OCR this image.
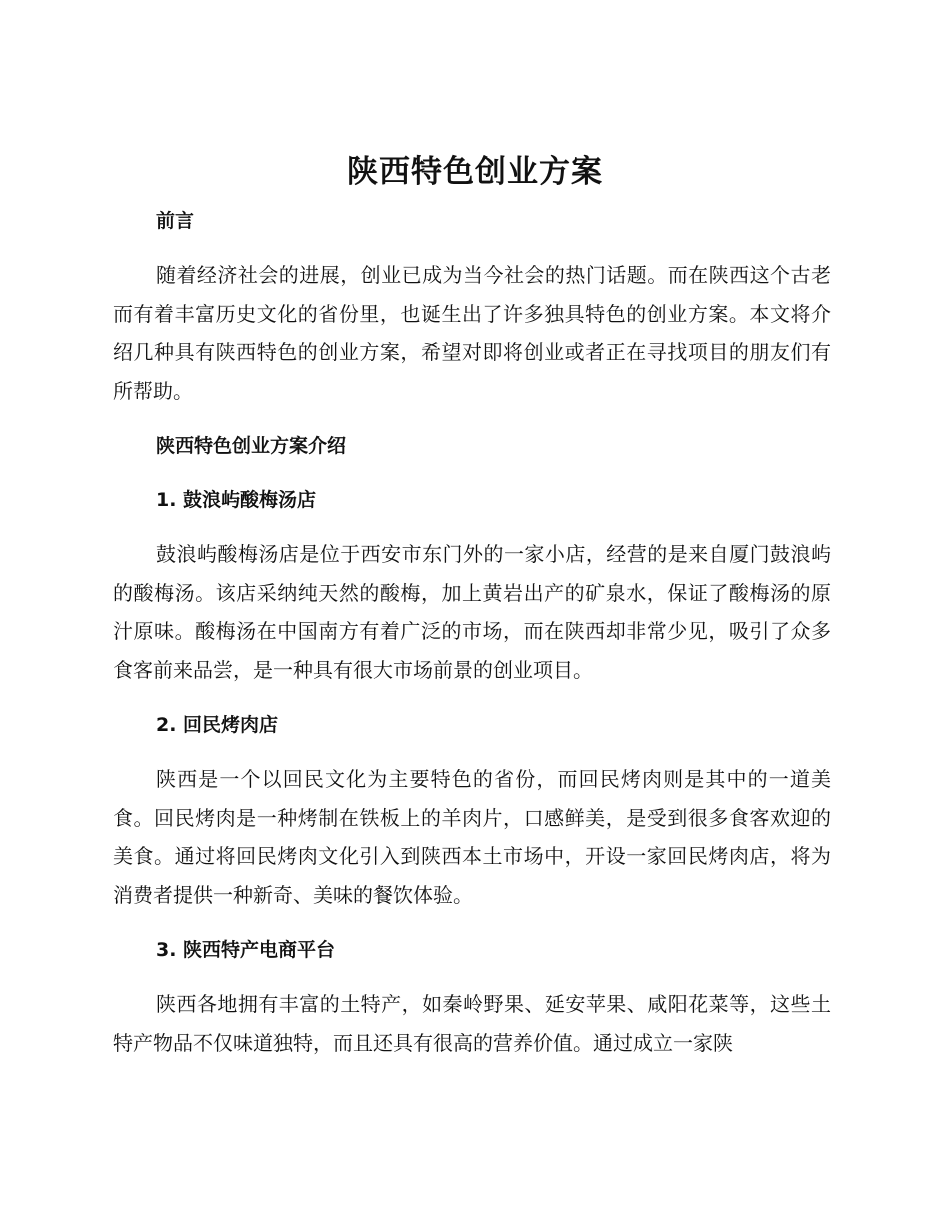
陕西特色创业方案
前言

随着经济社会的进展，创业已成为当今社会的热门话题。而在陕西这个古老而有着丰富历史文化的省份里，也诞生出了许多独具特色的创业方案。本文将介绍几种具有陕西特色的创业方案，希望对即将创业或者正在寻找项目的朋友们有所帮助。

陕西特色创业方案介绍
1. 鼓浪屿酸梅汤店

鼓浪屿酸梅汤店是位于西安市东门外的一家小店，经营的是来自厦门鼓浪屿的酸梅汤。该店采纳纯天然的酸梅，加上黄岩出产的矿泉水，保证了酸梅汤的原汁原味。酸梅汤在中国南方有着广泛的市场，而在陕西却非常少见，吸引了众多食客前来品尝，是一种具有很大市场前景的创业项目。

2. 回民烤肉店

陕西是一个以回民文化为主要特色的省份，而回民烤肉则是其中的一道美食。回民烤肉是一种烤制在铁板上的羊肉片，口感鲜美，是受到很多食客欢迎的美食。通过将回民烤肉文化引入到陕西本土市场中，开设一家回民烤肉店，将为消费者提供一种新奇、美味的餐饮体验。

3. 陕西特产电商平台

陕西各地拥有丰富的土特产，如秦岭野果、延安苹果、咸阳花菜等，这些土特产物品不仅味道独特，而且还具有很高的营养价值。通过成立一家陕
